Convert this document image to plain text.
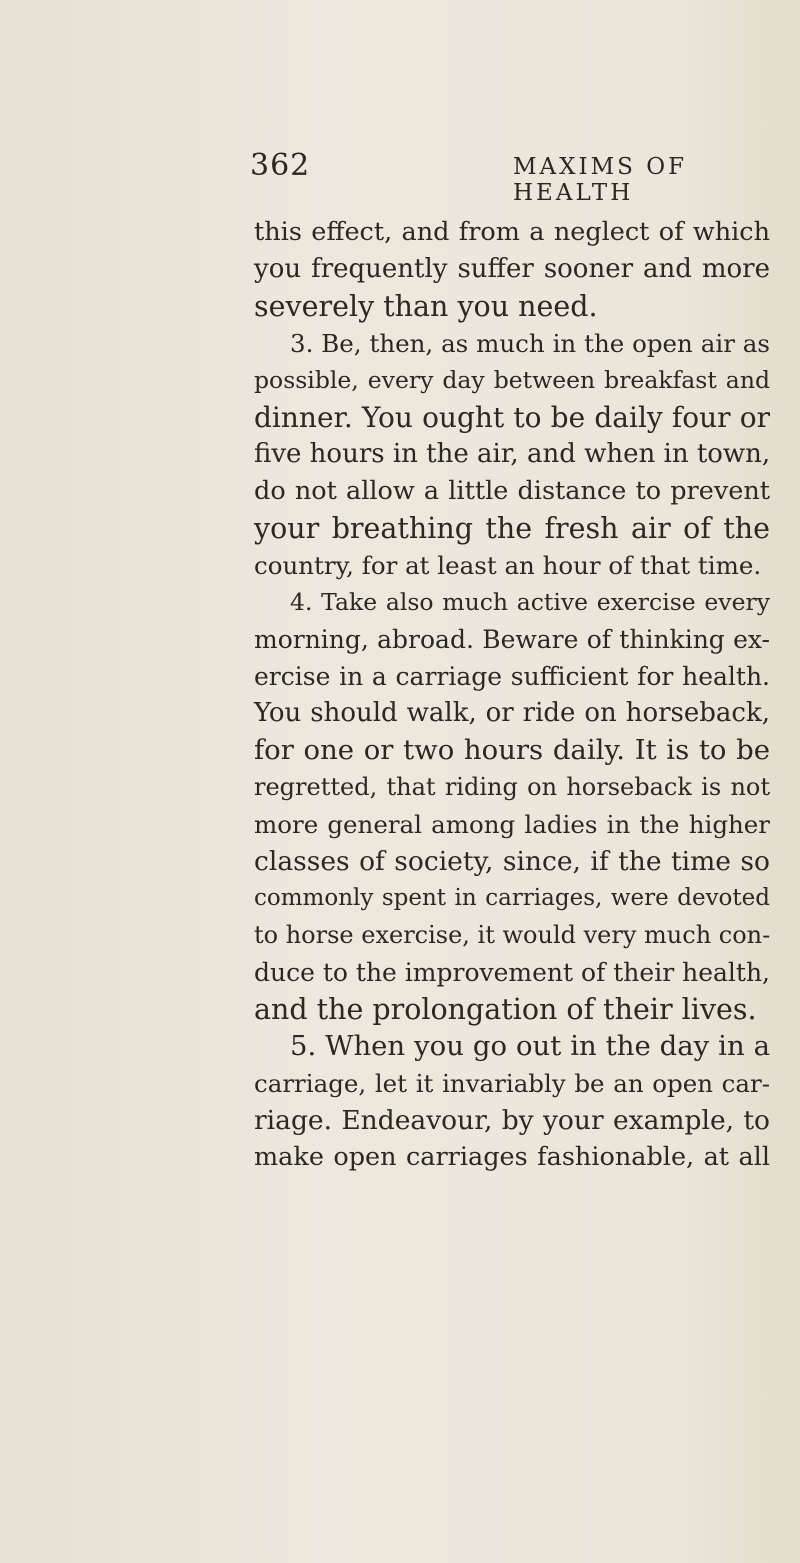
362	MAXIMS OF HEALTH
this effect, and from a neglect of which
you frequently suffer sooner and more
severely than you need.
3. Be, then, as much in the open air as
possible, every day between breakfast and
dinner. You ought to be daily four or
five hours in the air, and when in town,
do not allow a little distance to prevent
your breathing the fresh air of the
country, for at least an hour of that time.
4. Take also much active exercise every
morning, abroad. Beware of thinking ex-
ercise in a carriage sufficient for health.
You should walk, or ride on horseback,
for one or two hours daily. It is to be
regretted, that riding on horseback is not
more general among ladies in the higher
classes of society, since, if the time so
commonly spent in carriages, were devoted
to horse exercise, it would very much con-
duce to the improvement of their health,
and the prolongation of their lives.
5. When you go out in the day in a
carriage, let it invariably be an open car-
riage. Endeavour, by your example, to
make open carriages fashionable, at all
